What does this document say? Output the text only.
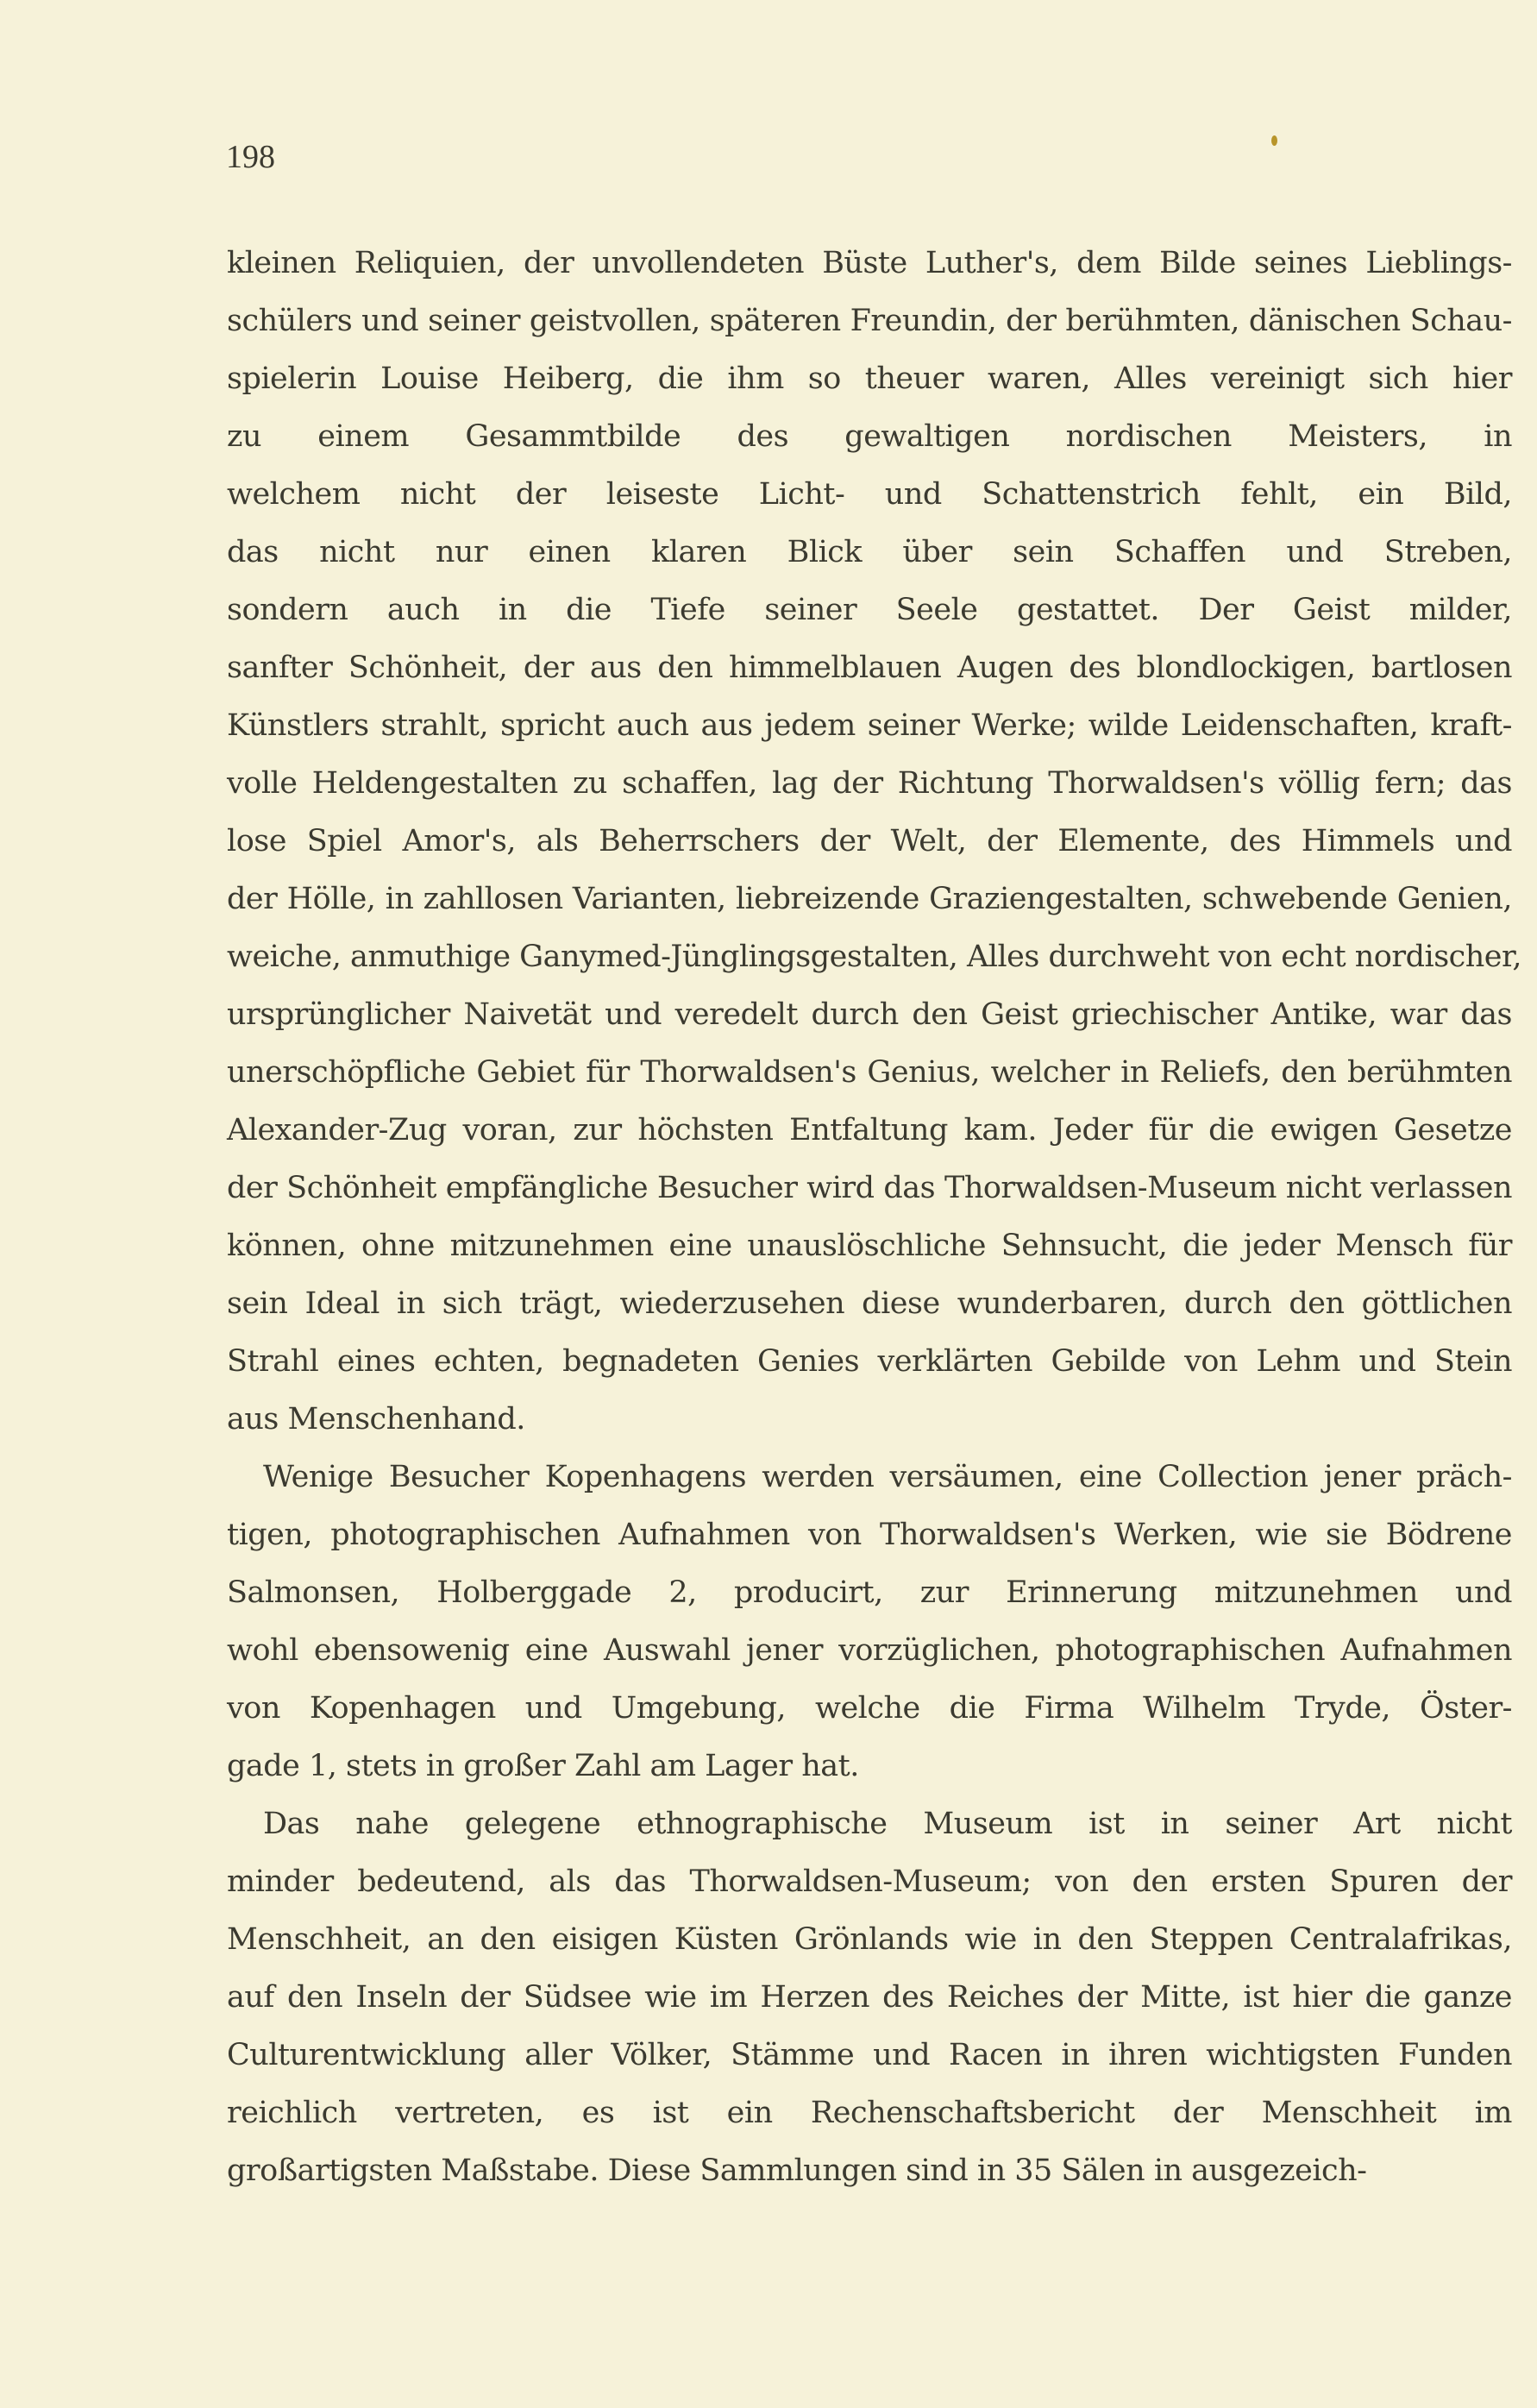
198
kleinen Reliquien, der unvollendeten Büste Luther's, dem Bilde seines Lieblings-
schülers und seiner geistvollen, späteren Freundin, der berühmten, dänischen Schau-
spielerin Louise Heiberg, die ihm so theuer waren, Alles vereinigt sich hier
zu einem Gesammtbilde des gewaltigen nordischen Meisters, in
welchem nicht der leiseste Licht- und Schattenstrich fehlt, ein Bild,
das nicht nur einen klaren Blick über sein Schaffen und Streben,
sondern auch in die Tiefe seiner Seele gestattet. Der Geist milder,
sanfter Schönheit, der aus den himmelblauen Augen des blondlockigen, bartlosen
Künstlers strahlt, spricht auch aus jedem seiner Werke; wilde Leidenschaften, kraft-
volle Heldengestalten zu schaffen, lag der Richtung Thorwaldsen's völlig fern; das
lose Spiel Amor's, als Beherrschers der Welt, der Elemente, des Himmels und
der Hölle, in zahllosen Varianten, liebreizende Graziengestalten, schwebende Genien,
weiche, anmuthige Ganymed-Jünglingsgestalten, Alles durchweht von echt nordischer,
ursprünglicher Naivetät und veredelt durch den Geist griechischer Antike, war das
unerschöpfliche Gebiet für Thorwaldsen's Genius, welcher in Reliefs, den berühmten
Alexander-Zug voran, zur höchsten Entfaltung kam. Jeder für die ewigen Gesetze
der Schönheit empfängliche Besucher wird das Thorwaldsen-Museum nicht verlassen
können, ohne mitzunehmen eine unauslöschliche Sehnsucht, die jeder Mensch für
sein Ideal in sich trägt, wiederzusehen diese wunderbaren, durch den göttlichen
Strahl eines echten, begnadeten Genies verklärten Gebilde von Lehm und Stein
aus Menschenhand.
Wenige Besucher Kopenhagens werden versäumen, eine Collection jener präch-
tigen, photographischen Aufnahmen von Thorwaldsen's Werken, wie sie Bödrene
Salmonsen, Holberggade 2, producirt, zur Erinnerung mitzunehmen und
wohl ebensowenig eine Auswahl jener vorzüglichen, photographischen Aufnahmen
von Kopenhagen und Umgebung, welche die Firma Wilhelm Tryde, Öster-
gade 1, stets in großer Zahl am Lager hat.
Das nahe gelegene ethnographische Museum ist in seiner Art nicht
minder bedeutend, als das Thorwaldsen-Museum; von den ersten Spuren der
Menschheit, an den eisigen Küsten Grönlands wie in den Steppen Centralafrikas,
auf den Inseln der Südsee wie im Herzen des Reiches der Mitte, ist hier die ganze
Culturentwicklung aller Völker, Stämme und Racen in ihren wichtigsten Funden
reichlich vertreten, es ist ein Rechenschaftsbericht der Menschheit im
großartigsten Maßstabe. Diese Sammlungen sind in 35 Sälen in ausgezeich-
